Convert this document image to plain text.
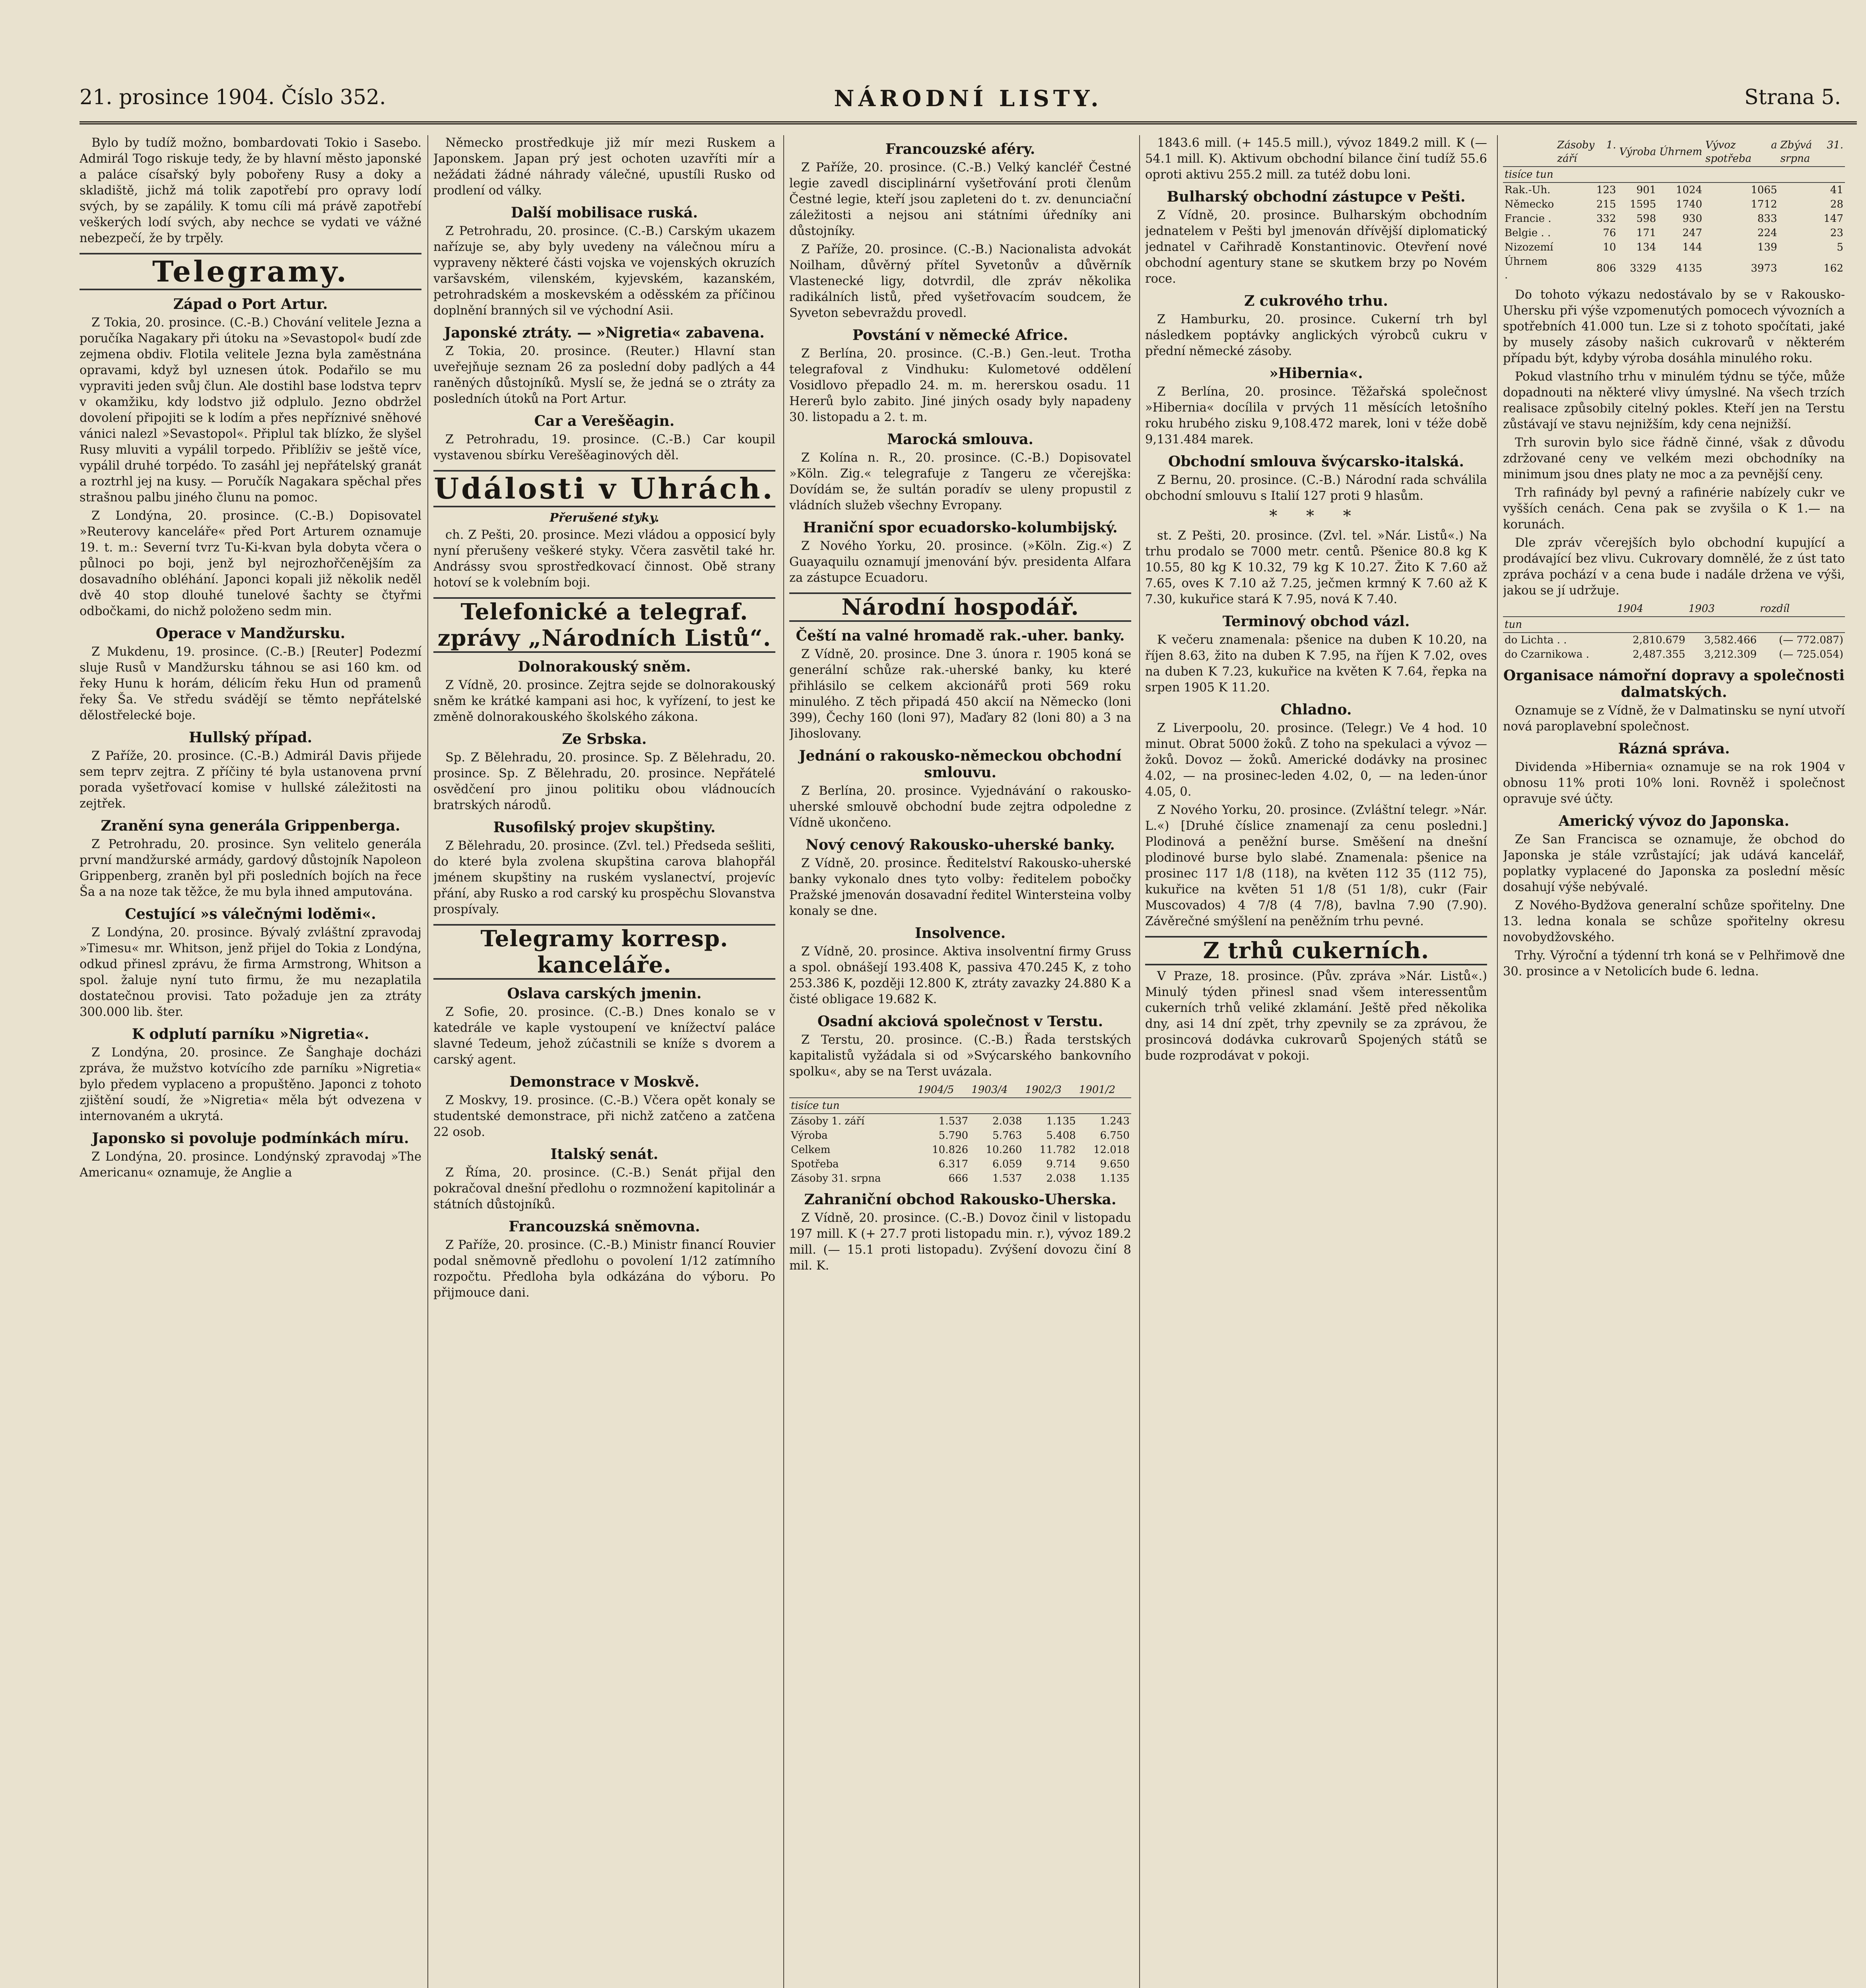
21. prosince 1904. Číslo 352.	NÁRODNÍ LISTY.	Strana 5.

Bylo by tudíž možno, bombardovati Tokio i Sasebo. Admirál Togo riskuje tedy, že by hlavní město japonské a paláce císařský byly pobořeny Rusy a doky a skladiště, jichž má tolik zapotřebí pro opravy lodí svých, by se zapálily. K tomu cíli má právě zapotřebí veškerých lodí svých, aby nechce se vydati ve vážné nebezpečí, že by trpěly.

Telegramy.
Západ o Port Artur.

Z Tokia, 20. prosince. (C.-B.) Chování velitele Jezna a poručíka Nagakary při útoku na »Sevastopol« budí zde zejmena obdiv. Flotila velitele Jezna byla zaměstnána opravami, když byl uznesen útok. Podařilo se mu vypraviti jeden svůj člun. Ale dostihl base lodstva teprv v okamžiku, kdy lodstvo již odplulo. Jezno obdržel dovolení připojiti se k lodím a přes nepříznivé sněhové vánici nalezl »Sevastopol«. Připlul tak blízko, že slyšel Rusy mluviti a vypálil torpedo. Přiblíživ se ještě více, vypálil druhé torpédo. To zasáhl jej nepřátelský granát a roztrhl jej na kusy. — Poručík Nagakara spěchal přes strašnou palbu jiného člunu na pomoc.

Z Londýna, 20. prosince. (C.-B.) Dopisovatel »Reuterovy kanceláře« před Port Arturem oznamuje 19. t. m.: Severní tvrz Tu-Ki-kvan byla dobyta včera o půlnoci po boji, jenž byl nejrozhořčenějším za dosavadního obléhání. Japonci kopali již několik neděl dvě 40 stop dlouhé tunelové šachty se čtyřmi odbočkami, do nichž položeno sedm min.

Operace v Mandžursku.

Z Mukdenu, 19. prosince. (C.-B.) [Reuter] Podezmí sluje Rusů v Mandžursku táhnou se asi 160 km. od řeky Hunu k horám, délicím řeku Hun od pramenů řeky Ša. Ve středu svádějí se těmto nepřátelské dělostřelecké boje.

Hullský případ.

Z Paříže, 20. prosince. (C.-B.) Admirál Davis přijede sem teprv zejtra. Z příčiny té byla ustanovena první porada vyšetřovací komise v hullské záležitosti na zejtřek.

Zranění syna generála Grippenberga.

Z Petrohradu, 20. prosince. Syn velitelo generála první mandžurské armády, gardový důstojník Napoleon Grippenberg, zraněn byl při posledních bojích na řece Ša a na noze tak těžce, že mu byla ihned amputována.

Cestující »s válečnými loděmi«.

Z Londýna, 20. prosince. Bývalý zvláštní zpravodaj »Timesu« mr. Whitson, jenž přijel do Tokia z Londýna, odkud přinesl zprávu, že firma Armstrong, Whitson a spol. žaluje nyní tuto firmu, že mu nezaplatila dostatečnou provisi. Tato požaduje jen za ztráty 300.000 lib. šter.

K odplutí parníku »Nigretia«.

Z Londýna, 20. prosince. Ze Šanghaje docházi zpráva, že mužstvo kotvícího zde parníku »Nigretia« bylo předem vyplaceno a propuštěno. Japonci z tohoto zjištění soudí, že »Nigretia« měla být odvezena v internovaném a ukrytá.

Japonsko si povoluje podmínkách míru.

Z Londýna, 20. prosince. Londýnský zpravodaj »The Americanu« oznamuje, že Anglie a

Německo prostředkuje již mír mezi Ruskem a Japonskem. Japan prý jest ochoten uzavříti mír a nežádati žádné náhrady válečné, upustíli Rusko od prodlení od války.

Další mobilisace ruská.

Z Petrohradu, 20. prosince. (C.-B.) Carským ukazem nařízuje se, aby byly uvedeny na válečnou míru a vypraveny některé části vojska ve vojenských okruzích varšavském, vilenském, kyjevském, kazanském, petrohradském a moskevském a oděsském za příčinou doplnění branných sil ve východní Asii.

Japonské ztráty. — »Nigretia« zabavena.

Z Tokia, 20. prosince. (Reuter.) Hlavní stan uveřejňuje seznam 26 za poslední doby padlých a 44 raněných důstojníků. Myslí se, že jedná se o ztráty za posledních útoků na Port Artur.

Car a Verešěagin.

Z Petrohradu, 19. prosince. (C.-B.) Car koupil vystavenou sbírku Verešěaginových děl.

Události v Uhrách.
Přerušené styky.

ch. Z Pešti, 20. prosince. Mezi vládou a opposicí byly nyní přerušeny veškeré styky. Včera zasvětil také hr. Andrássy svou sprostředkovací činnost. Obě strany hotoví se k volebním boji.

Telefonické a telegraf. zprávy „Národních Listů“.
Dolnorakouský sněm.

Z Vídně, 20. prosince. Zejtra sejde se dolnorakouský sněm ke krátké kampani asi hoc, k vyřízení, to jest ke změně dolnorakouského školského zákona.

Ze Srbska.

Sp. Z Bělehradu, 20. prosince. Sp. Z Bělehradu, 20. prosince. Sp. Z Bělehradu, 20. prosince. Nepřátelé osvědčení pro jinou politiku obou vládnoucích bratrských národů.

Rusofilský projev skupštiny.

Z Bělehradu, 20. prosince. (Zvl. tel.) Předseda sešliti, do které byla zvolena skupština carova blahopřál jménem skupštiny na ruském vyslanectví, projevíc přání, aby Rusko a rod carský ku prospěchu Slovanstva prospívaly.

Telegramy korresp. kanceláře.
Oslava carských jmenin.

Z Sofie, 20. prosince. (C.-B.) Dnes konalo se v katedrále ve kaple vystoupení ve knížectví paláce slavné Tedeum, jehož zúčastnili se kníže s dvorem a carský agent.

Demonstrace v Moskvě.

Z Moskvy, 19. prosince. (C.-B.) Včera opět konaly se studentské demonstrace, při nichž zatčeno a zatčena 22 osob.

Italský senát.

Z Říma, 20. prosince. (C.-B.) Senát přijal den pokračoval dnešní předlohu o rozmnožení kapitolinár a státních důstojníků.

Francouzská sněmovna.

Z Paříže, 20. prosince. (C.-B.) Ministr financí Rouvier podal sněmovně předlohu o povolení 1/12 zatímního rozpočtu. Předloha byla odkázána do výboru. Po přijmouce dani.

Francouzské aféry.

Z Paříže, 20. prosince. (C.-B.) Velký kancléř Čestné legie zavedl disciplinární vyšetřování proti členům Čestné legie, kteří jsou zapleteni do t. zv. denunciační záležitosti a nejsou ani státními úředníky ani důstojníky.

Z Paříže, 20. prosince. (C.-B.) Nacionalista advokát Noilham, důvěrný přítel Syvetonův a důvěrník Vlastenecké ligy, dotvrdil, dle zpráv několika radikálních listů, před vyšetřovacím soudcem, že Syveton sebevraždu provedl.

Povstání v německé Africe.

Z Berlína, 20. prosince. (C.-B.) Gen.-leut. Trotha telegrafoval z Vindhuku: Kulometové oddělení Vosidlovo přepadlo 24. m. m. hererskou osadu. 11 Hererů bylo zabito. Jiné jiných osady byly napadeny 30. listopadu a 2. t. m.

Marocká smlouva.

Z Kolína n. R., 20. prosince. (C.-B.) Dopisovatel »Köln. Zig.« telegrafuje z Tangeru ze včerejška: Dovídám se, že sultán poradív se uleny propustil z vládních služeb všechny Evropany.

Hraniční spor ecuadorsko-kolumbijský.

Z Nového Yorku, 20. prosince. (»Köln. Zig.«) Z Guayaquilu oznamují jmenování býv. presidenta Alfara za zástupce Ecuadoru.

Národní hospodář.
Čeští na valné hromadě rak.-uher. banky.

Z Vídně, 20. prosince. Dne 3. února r. 1905 koná se generální schůze rak.-uherské banky, ku které přihlásilo se celkem akcionářů proti 569 roku minulého. Z těch připadá 450 akcií na Německo (loni 399), Čechy 160 (loni 97), Maďary 82 (loni 80) a 3 na Jihoslovany.

Jednání o rakousko-německou obchodní smlouvu.

Z Berlína, 20. prosince. Vyjednávání o rakousko-uherské smlouvě obchodní bude zejtra odpoledne z Vídně ukončeno.

Nový cenový Rakousko-uherské banky.

Z Vídně, 20. prosince. Ředitelství Rakousko-uherské banky vykonalo dnes tyto volby: ředitelem pobočky Pražské jmenován dosavadní ředitel Wintersteina volby konaly se dne.

Insolvence.

Z Vídně, 20. prosince. Aktiva insolventní firmy Gruss a spol. obnášejí 193.408 K, passiva 470.245 K, z toho 253.386 K, později 12.800 K, ztráty zavazky 24.880 K a čisté obligace 19.682 K.

Osadní akciová společnost v Terstu.

Z Terstu, 20. prosince. (C.-B.) Řada terstských kapitalistů vyžádala si od »Svýcarského bankovního spolku«, aby se na Terst uvázala.

	1904/5	1903/4	1902/3	1901/2
tisíce tun				
Zásoby 1. září	1.537	2.038	1.135	1.243
Výroba	5.790	5.763	5.408	6.750
Celkem	10.826	10.260	11.782	12.018
Spotřeba	6.317	6.059	9.714	9.650
Zásoby 31. srpna	666	1.537	2.038	1.135
Zahraniční obchod Rakousko-Uherska.

Z Vídně, 20. prosince. (C.-B.) Dovoz činil v listopadu 197 mill. K (+ 27.7 proti listopadu min. r.), vývoz 189.2 mill. (— 15.1 proti listopadu). Zvýšení dovozu činí 8 mil. K.

1843.6 mill. (+ 145.5 mill.), vývoz 1849.2 mill. K (— 54.1 mill. K). Aktivum obchodní bilance činí tudíž 55.6 oproti aktivu 255.2 mill. za tutéž dobu loni.

Bulharský obchodní zástupce v Pešti.

Z Vídně, 20. prosince. Bulharským obchodním jednatelem v Pešti byl jmenován dřívější diplomatický jednatel v Cařihradě Konstantinovic. Otevření nové obchodní agentury stane se skutkem brzy po Novém roce.

Z cukrového trhu.

Z Hamburku, 20. prosince. Cukerní trh byl následkem poptávky anglických výrobců cukru v přední německé zásoby.

»Hibernia«.

Z Berlína, 20. prosince. Těžařská společnost »Hibernia« docílila v prvých 11 měsících letošního roku hrubého zisku 9,108.472 marek, loni v téže době 9,131.484 marek.

Obchodní smlouva švýcarsko-italská.

Z Bernu, 20. prosince. (C.-B.) Národní rada schválila obchodní smlouvu s Italií 127 proti 9 hlasům.

* * *

st. Z Pešti, 20. prosince. (Zvl. tel. »Nár. Listů«.) Na trhu prodalo se 7000 metr. centů. Pšenice 80.8 kg K 10.55, 80 kg K 10.32, 79 kg K 10.27. Žito K 7.60 až 7.65, oves K 7.10 až 7.25, ječmen krmný K 7.60 až K 7.30, kukuřice stará K 7.95, nová K 7.40.

Terminový obchod vázl.

K večeru znamenala: pšenice na duben K 10.20, na říjen 8.63, žito na duben K 7.95, na říjen K 7.02, oves na duben K 7.23, kukuřice na květen K 7.64, řepka na srpen 1905 K 11.20.

Chladno.

Z Liverpoolu, 20. prosince. (Telegr.) Ve 4 hod. 10 minut. Obrat 5000 žoků. Z toho na spekulaci a vývoz — žoků. Dovoz — žoků. Americké dodávky na prosinec 4.02, — na prosinec-leden 4.02, 0, — na leden-únor 4.05, 0.

Z Nového Yorku, 20. prosince. (Zvláštní telegr. »Nár. L.«) [Druhé číslice znamenají za cenu posledni.] Plodinová a peněžní burse. Směšení na dnešní plodinové burse bylo slabé. Znamenala: pšenice na prosinec 117 1/8 (118), na květen 112 35 (112 75), kukuřice na květen 51 1/8 (51 1/8), cukr (Fair Muscovados) 4 7/8 (4 7/8), bavlna 7.90 (7.90). Závěrečné smýšlení na peněžním trhu pevné.

Z trhů cukerních.

V Praze, 18. prosince. (Pův. zpráva »Nár. Listů«.) Minulý týden přinesl snad všem interessentům cukerních trhů veliké zklamání. Ještě před několika dny, asi 14 dní zpět, trhy zpevnily se za zprávou, že prosincová dodávka cukrovarů Spojených států se bude rozprodávat v pokoji.

	Zásoby 1. září	Výroba	Úhrnem	Vývoz a spotřeba	Zbývá 31. srpna
tisíce tun					
Rak.-Uh.	123	901	1024	1065	41
Německo	215	1595	1740	1712	28
Francie .	332	598	930	833	147
Belgie . .	76	171	247	224	23
Nizozemí	10	134	144	139	5
Úhrnem .	806	3329	4135	3973	162

Do tohoto výkazu nedostávalo by se v Rakousko-Uhersku při výše vzpomenutých pomocech vývozních a spotřebních 41.000 tun. Lze si z tohoto spočítati, jaké by musely zásoby našich cukrovarů v některém případu být, kdyby výroba dosáhla minulého roku.

Pokud vlastního trhu v minulém týdnu se týče, může dopadnouti na některé vlivy úmyslné. Na všech trzích realisace způsobily citelný pokles. Kteří jen na Terstu zůstávají ve stavu nejnižším, kdy cena nejnižší.

Trh surovin bylo sice řádně činné, však z důvodu zdržované ceny ve velkém mezi obchodníky na minimum jsou dnes platy ne moc a za pevnější ceny.

Trh rafinády byl pevný a rafinérie nabízely cukr ve vyšších cenách. Cena pak se zvyšila o K 1.— na korunách.

Dle zpráv včerejších bylo obchodní kupující a prodávající bez vlivu. Cukrovary domnělé, že z úst tato zpráva pochází v a cena bude i nadále držena ve výši, jakou se jí udržuje.

	1904	1903	rozdíl
tun			
do Lichta . .	2,810.679	3,582.466	(— 772.087)
do Czarnikowa .	2,487.355	3,212.309	(— 725.054)
Organisace námořní dopravy a společnosti dalmatských.

Oznamuje se z Vídně, že v Dalmatinsku se nyní utvoří nová paroplavební společnost.

Rázná správa.

Dividenda »Hibernia« oznamuje se na rok 1904 v obnosu 11% proti 10% loni. Rovněž i společnost opravuje své účty.

Americký vývoz do Japonska.

Ze San Francisca se oznamuje, že obchod do Japonska je stále vzrůstající; jak udává kancelář, poplatky vyplacené do Japonska za poslední měsíc dosahují výše nebývalé.

Z Nového-Bydžova generalní schůze spořitelny. Dne 13. ledna konala se schůze spořitelny okresu novobydžovského.

Trhy. Výroční a týdenní trh koná se v Pelhřimově dne 30. prosince a v Netolicích bude 6. ledna.
